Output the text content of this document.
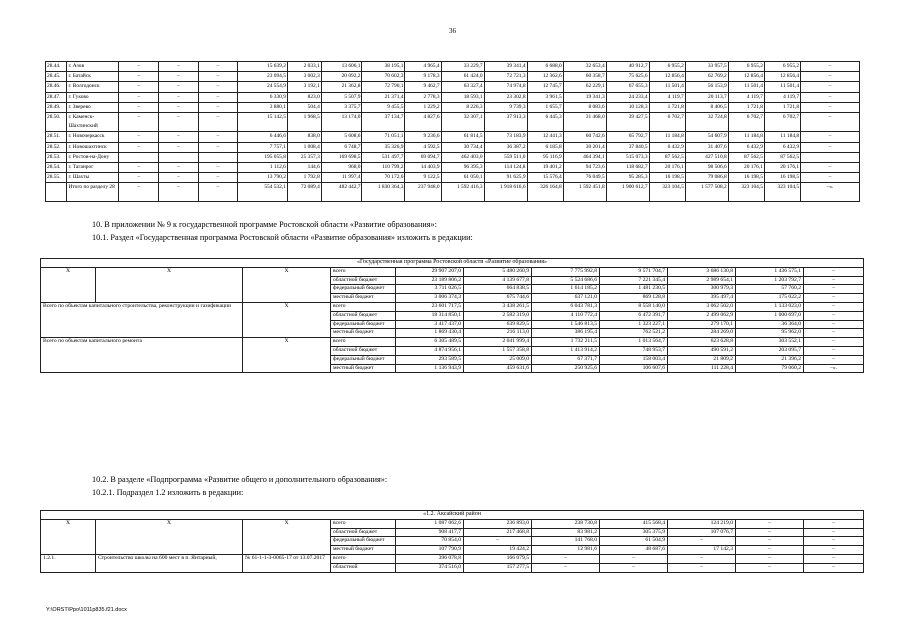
36
28.44.	г. Азов	–	–	–	15 639,2	2 033,1	13 606,1	38 195,1	4 965,4	33 229,7	39 341,4	6 688,0	32 653,4	40 912,7	6 955,2	33 957,5	6 955,2	6 955,2	–
28.45.	г. Батайск	–	–	–	23 094,5	3 002,3	20 092,2	70 602,3	9 178,3	61 424,0	72 721,3	12 362,6	60 358,7	75 625,6	12 856,4	62 769,2	12 856,4	12 856,4	–
28.46.	г. Волгодонск	–	–	–	24 554,9	3 192,1	21 362,8	72 790,1	9 462,7	63 327,4	74 974,8	12 745,7	62 229,1	67 655,3	11 501,4	56 153,9	11 501,4	11 501,4	–
28.47.	г. Гуково	–	–	–	6 330,9	823,0	5 507,9	21 371,4	2 778,3	18 593,1	23 302,8	3 961,5	19 341,3	24 233,4	4 119,7	20 113,7	4 119,7	4 119,7	–
28.49.	г. Зверево	–	–	–	3 880,1	504,4	3 375,7	9 455,5	1 229,2	8 226,3	9 739,3	1 655,7	8 083,6	10 128,3	1 721,8	8 406,5	1 721,8	1 721,8	–
28.50.	г. Каменск-Шахтинский	–	–	–	15 142,5	1 968,5	13 174,0	37 134,7	4 827,6	32 307,1	37 913,3	6 445,3	31 468,0	39 427,5	6 702,7	32 724,8	6 702,7	6 702,7	–
28.51.	г. Новочеркасск	–	–	–	6 446,6	838,0	5 608,6	71 051,1	9 236,6	61 814,5	73 183,9	12 441,3	60 742,6	65 792,7	11 184,8	54 607,9	11 184,8	11 184,8	–
28.52.	г. Новошахтинск	–	–	–	7 757,1	1 008,4	6 748,7	35 326,9	4 592,5	30 734,4	36 387,2	6 185,8	30 201,4	37 840,5	6 432,9	31 407,6	6 432,9	6 432,9	–
28.53.	г. Ростов-на-Дону				195 055,8	25 357,3	169 698,5	531 497,7	69 094,7	462 403,0	559 511,0	95 116,9	464 394,1	515 073,3	87 562,5	427 510,8	87 562,5	87 562,5	
28.54.	г. Таганрог	–	–	–	1 112,6	144,6	968,0	110 799,2	14 403,9	96 395,3	114 124,8	19 401,2	94 723,6	118 682,7	20 176,1	98 506,6	20 176,1	20 176,1	–
28.55.	г. Шахты	–	–	–	13 790,2	1 792,8	11 997,4	70 172,6	9 122,5	61 050,1	91 625,9	15 576,4	76 049,5	95 285,3	16 198,5	79 086,8	16 198,5	16 198,5	–
	Итого по разделу 28	–	–	–	554 532,1	72 089,4	482 442,7	1 830 364,3	237 948,0	1 592 416,3	1 918 616,6	326 164,8	1 592 451,8	1 900 612,7	323 104,5	1 577 508,2	323 104,5	323 104,5	–».
10. В приложении № 9 к государственной программе Ростовской области «Развитие образования»:
10.1. Раздел «Государственная программа Ростовской области «Развитие образования» изложить в редакции:
«Государственная программа Ростовской области «Развитие образования»										
X	X	X	всего	29 907 207,0	5 480 260,9	7 775 992,8	9 571 704,7	3 686 130,8	1 436 575,1	–
			областной бюджет	23 189 806,2	4 139 677,8	5 524 686,6	7 221 345,4	2 989 654,1	1 203 792,7	–
			федеральный бюджет	3 711 026,5	664 838,5	1 614 185,2	1 481 230,5	300 979,3	57 760,2	–
			местный бюджет	3 006 374,3	675 744,6	637 121,0	869 128,8	395 497,4	175 022,2	–
Всего по объектам капитального строительства, реконструкции и газификации		X	всего	23 601 717,5	3 438 261,5	6 043 781,3	8 558 140,0	3 062 502,0	1 133 023,0	–
			областной бюджет	18 314 850,1	2 582 319,0	4 110 772,4	6 472 391,7	2 499 062,9	1 000 697,0	–
			федеральный бюджет	3 417 437,0	639 829,5	1 546 813,5	1 323 227,1	279 170,1	36 364,0	–
			местный бюджет	1 869 430,4	216 113,0	386 195,4	762 521,2	284 269,0	95 962,0	–
Всего по объектам капитального ремонта		X	всего	6 305 489,5	2 041 999,4	1 732 211,5	1 013 564,7	623 628,8	303 552,1	–
			областной бюджет	4 874 956,1	1 557 358,8	1 413 914,2	748 953,7	490 591,2	203 095,7	–
			федеральный бюджет	293 589,5	25 009,0	67 371,7	158 003,4	21 809,2	21 396,2	–
			местный бюджет	1 136 943,9	459 631,6	250 925,6	106 607,6	111 228,4	79 060,2	–».
10.2. В разделе «Подпрограмма «Развитие общего и дополнительного образования»:
10.2.1. Подраздел 1.2 изложить в редакции:
«1.2. Аксайский район										
X	X	X	всего	1 087 062,6	236 893,0	238 730,8	415 568,4	124 219,0	–	–
			областной бюджет	908 417,7	217 468,8	83 981,2	305 375,9	107 076,7	–	–
			федеральный бюджет	70 854,0	–	141 768,0	61 504,9	–	–	–
			местный бюджет	107 790,9	19 424,2	12 981,6	48 687,6	17 142,3	–	–
1.2.1.	Строительство школы на 600 мест в п. Янтарный,	№ 61-1-1-3-0065-17 от 13.07.2017	всего	396 078,8	166 079,5	–	–	–	–	–
			областной	374 516,0	157 277,5	–	–	–	–	–
Y:\ORST\Ppo\1011p835.f21.docx
